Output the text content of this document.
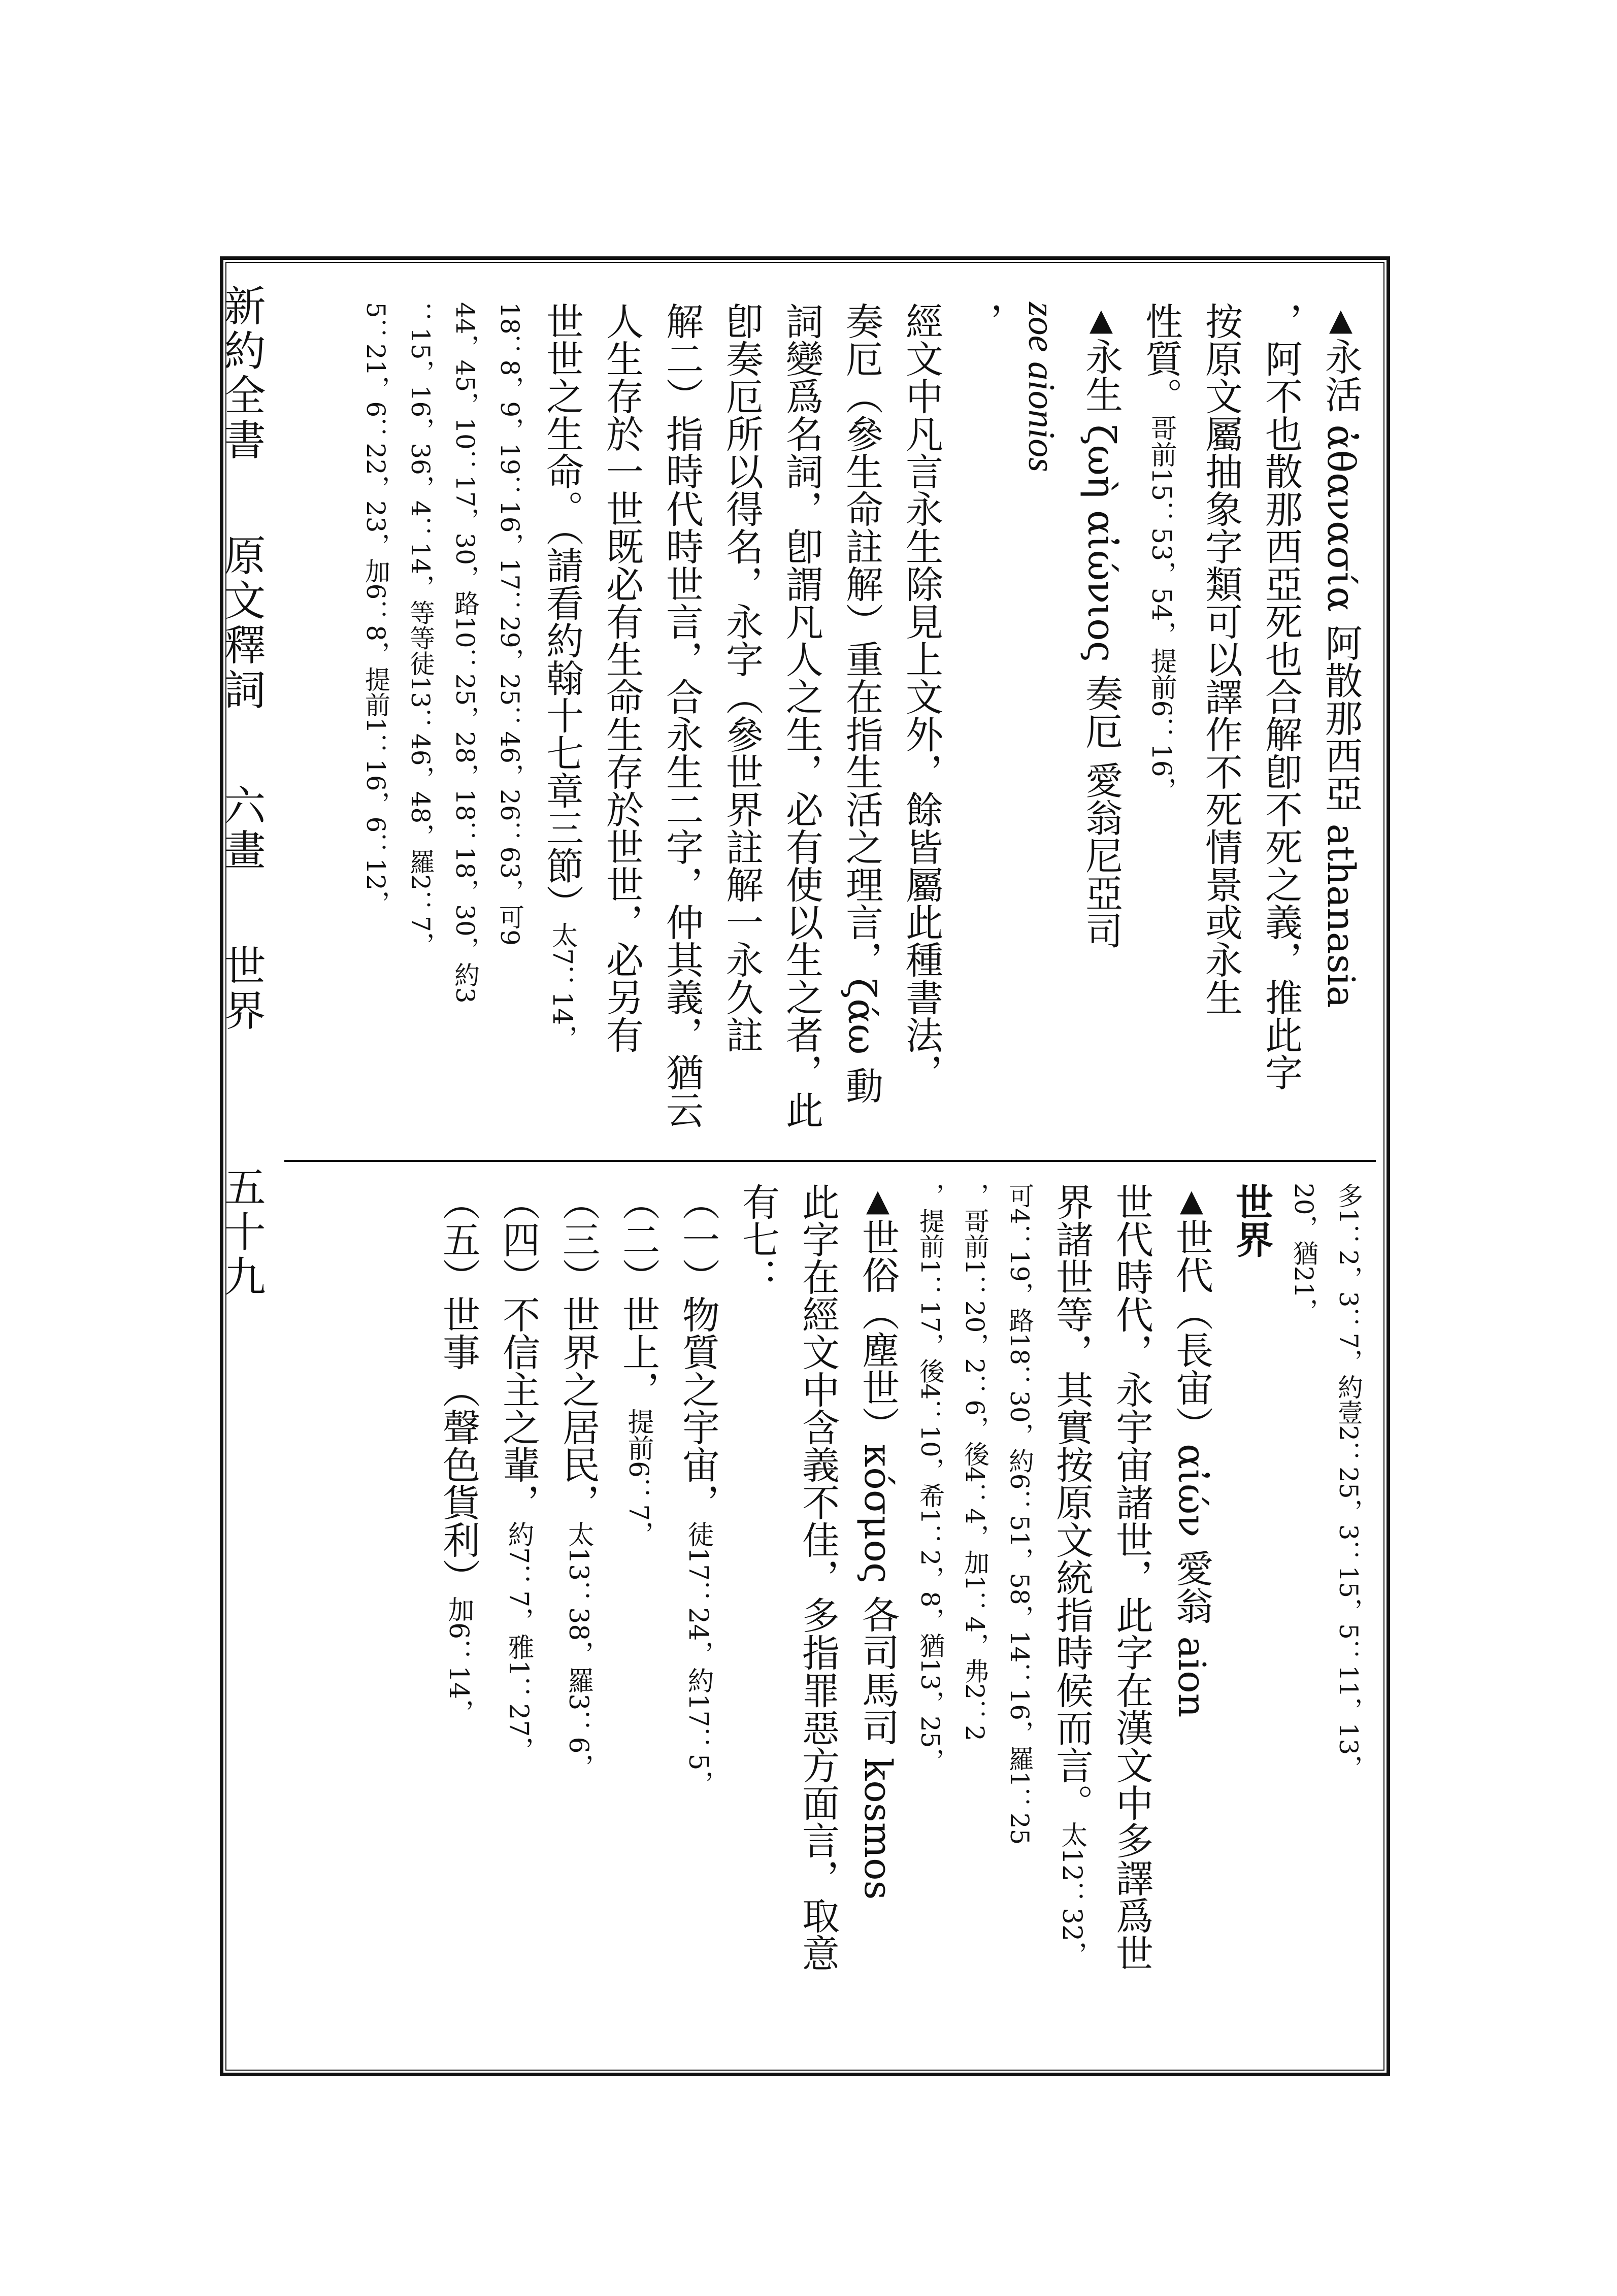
新約全書原文釋詞六畫世界五十九
▲永活 ἀθανασία 阿散那西亞 athanasia
，阿不也散那西亞死也合解卽不死之義，推此字
按原文屬抽象字類可以譯作不死情景或永生
性質。哥前15：53，54，提前6：16，
▲永生 ζωὴ αἰώνιος 奏厄 愛翁尼亞司
zoe aionios
，
經文中凡言永生除見上文外，餘皆屬此種書法，
奏厄（參生命註解）重在指生活之理言，ζάω 動
詞變爲名詞，卽謂凡人之生，必有使以生之者，此
卽奏厄所以得名，永字（參世界註解一永久註
解二）指時代時世言，合永生二字，仲其義，猶云
人生存於一世既必有生命生存於世世，必另有
世世之生命。（請看約翰十七章三節）太7：14，
18：8，9，19：16，17：29，25：46，26：63，可9
44，45，10：17，30，路10：25，28，18：18，30，約3
：15，16，36，4：14，等等徒13：46，48，羅2：7，
5：21，6：22，23，加6：8，提前1：16，6：12，
多1：2，3：7，約壹2：25，3：15，5：11，13，
20，猶21，
世界
▲世代（長宙）αἰών 愛翁 aion
世代時代，永宇宙諸世，此字在漢文中多譯爲世
界諸世等，其實按原文統指時候而言。太12：32，
可4：19，路18：30，約6：51，58，14：16，羅1：25
，哥前1：20，2：6，後4：4，加1：4，弗2：2
，提前1：17，後4：10，希1：2，8，猶13，25，
▲世俗（塵世）κόσμος 各司馬司 kosmos
此字在經文中含義不佳，多指罪惡方面言，取意
有七：
（一）物質之宇宙，徒17：24，約17：5，
（二）世上，提前6：7，
（三）世界之居民，太13：38，羅3：6，
（四）不信主之輩，約7：7，雅1：27，
（五）世事（聲色貨利）加6：14，
